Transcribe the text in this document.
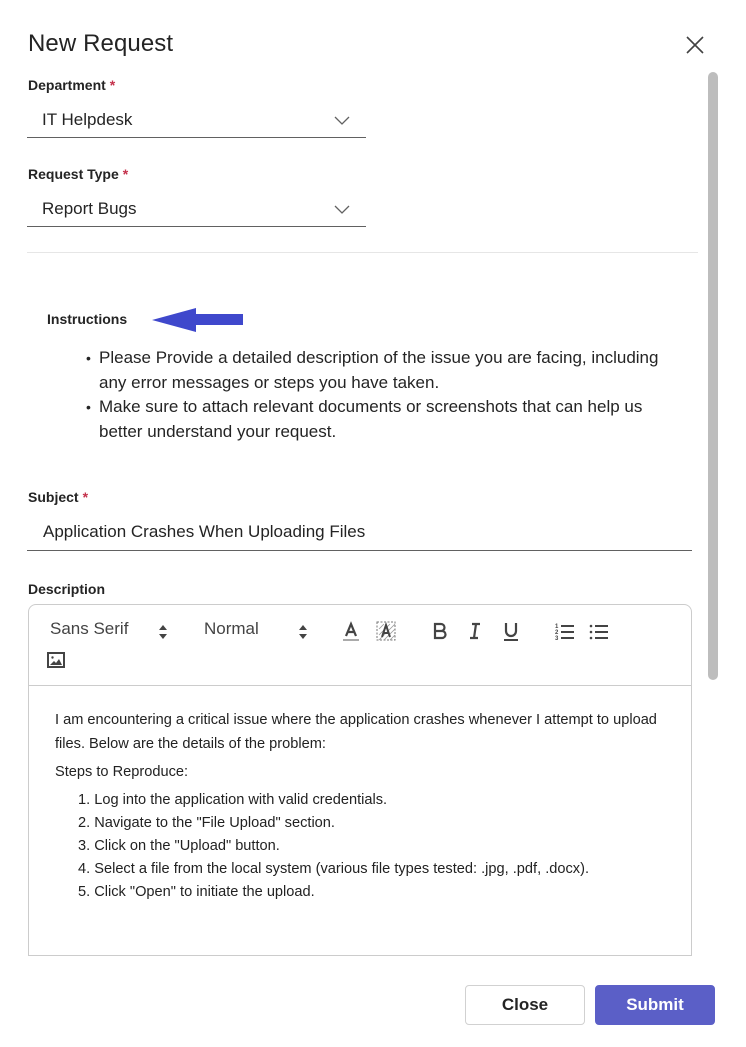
New Request
Department *
IT Helpdesk
Request Type *
Report Bugs
Instructions
• Please Provide a detailed description of the issue you are facing, including any error messages or steps you have taken.
• Make sure to attach relevant documents or screenshots that can help us better understand your request.
Subject *
Application Crashes When Uploading Files
Description
Sans Serif	Normal	1
2
3

I am encountering a critical issue where the application crashes whenever I attempt to upload files. Below are the details of the problem:

Steps to Reproduce:

1. Log into the application with valid credentials.
2. Navigate to the "File Upload" section.
3. Click on the "Upload" button.
4. Select a file from the local system (various file types tested: .jpg, .pdf, .docx).
5. Click "Open" to initiate the upload.
Close	Submit
